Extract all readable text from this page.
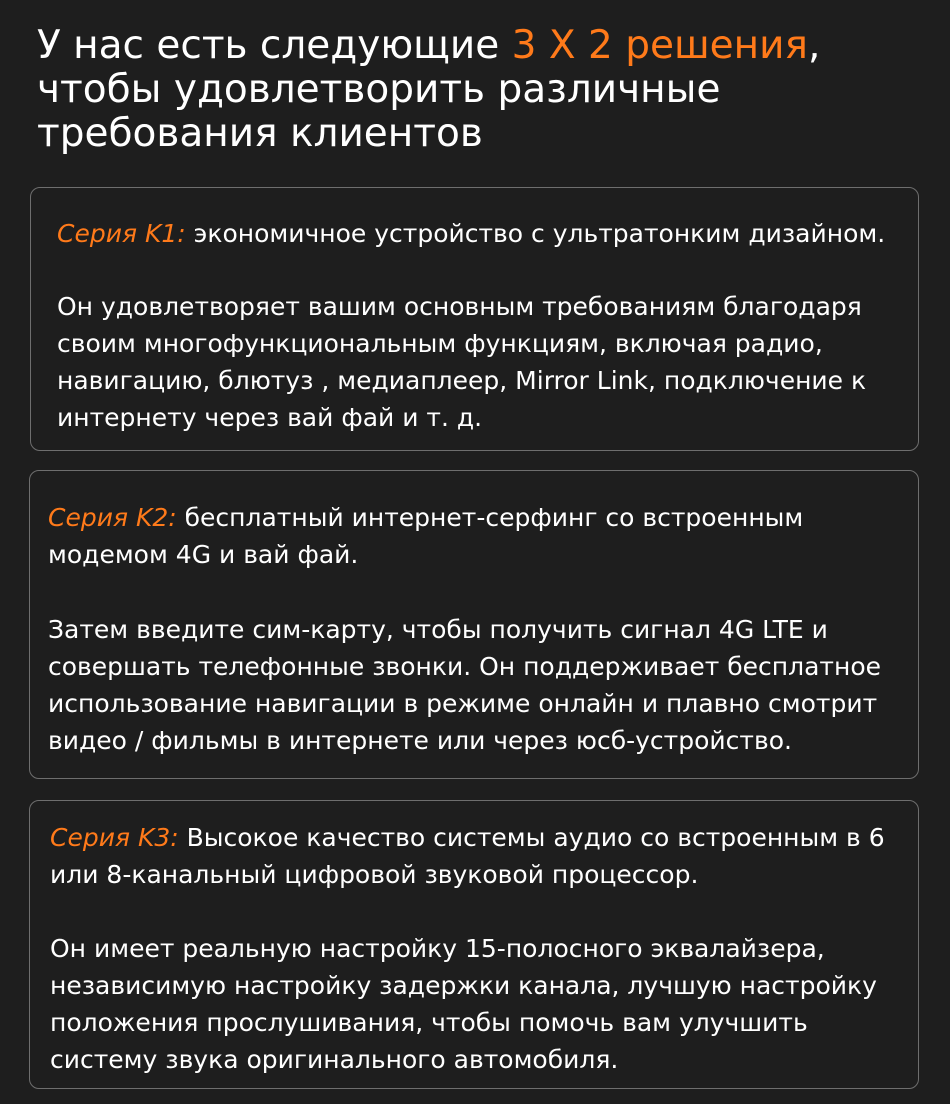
У нас есть следующие 3 X 2 решения, чтобы удовлетворить различные требования клиентов

Серия K1: экономичное устройство с ультратонким дизайном.

Он удовлетворяет вашим основным требованиям благодаря своим многофункциональным функциям, включая радио, навигацию, блютуз , медиаплеер, Mirror Link, подключение к интернету через вай фай и т. д.

Серия K2: бесплатный интернет-серфинг со встроенным модемом 4G и вай фай.

Затем введите сим-карту, чтобы получить сигнал 4G LTE и совершать телефонные звонки. Он поддерживает бесплатное использование навигации в режиме онлайн и плавно смотрит видео / фильмы в интернете или через юсб-устройство.

Серия K3: Высокое качество системы аудио со встроенным в 6 или 8-канальный цифровой звуковой процессор.

Он имеет реальную настройку 15-полосного эквалайзера, независимую настройку задержки канала, лучшую настройку положения прослушивания, чтобы помочь вам улучшить систему звука оригинального автомобиля.
